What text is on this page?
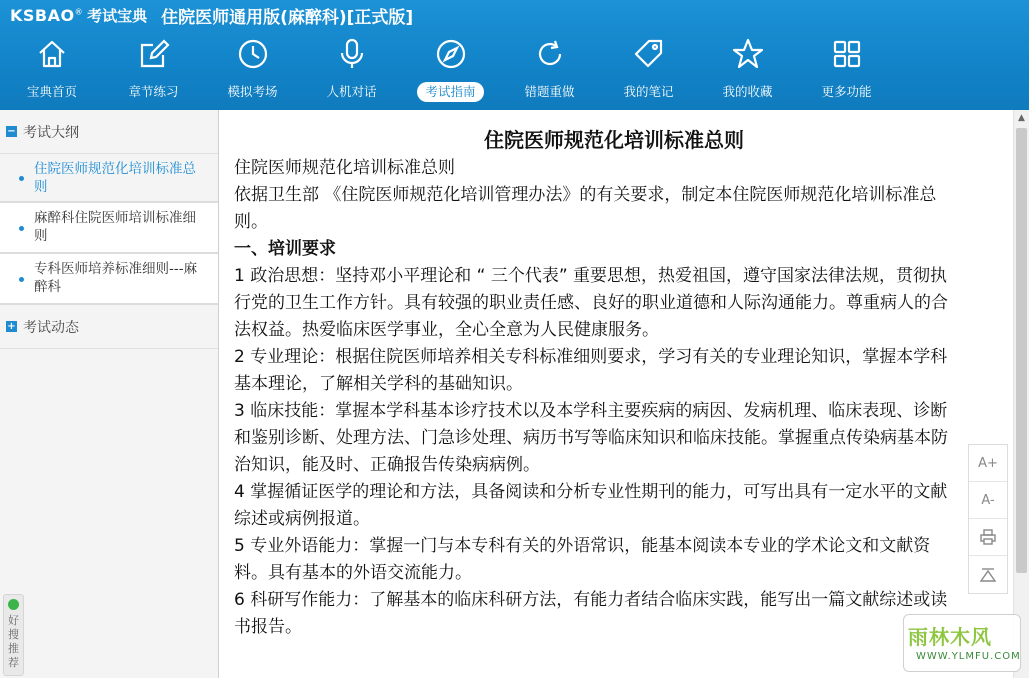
KSBAO® 考试宝典 住院医师通用版(麻醉科)[正式版]
宝典首页	章节练习	模拟考场	人机对话	考试指南	错题重做	我的笔记	我的收藏	更多功能
− 考试大纲
住院医师规范化培训标准总则
麻醉科住院医师培训标准细则
专科医师培养标准细则---麻醉科
+ 考试动态
好搜推荐
住院医师规范化培训标准总则
住院医师规范化培训标准总则
依据卫生部 《住院医师规范化培训管理办法》的有关要求，制定本住院医师规范化培训标准总则。
一、培训要求
1 政治思想：坚持邓小平理论和 “ 三个代表” 重要思想，热爱祖国，遵守国家法律法规，贯彻执行党的卫生工作方针。具有较强的职业责任感、良好的职业道德和人际沟通能力。尊重病人的合法权益。热爱临床医学事业，全心全意为人民健康服务。
2 专业理论：根据住院医师培养相关专科标准细则要求，学习有关的专业理论知识，掌握本学科基本理论，了解相关学科的基础知识。
3 临床技能：掌握本学科基本诊疗技术以及本学科主要疾病的病因、发病机理、临床表现、诊断和鉴别诊断、处理方法、门急诊处理、病历书写等临床知识和临床技能。掌握重点传染病基本防治知识，能及时、正确报告传染病病例。
4 掌握循证医学的理论和方法，具备阅读和分析专业性期刊的能力，可写出具有一定水平的文献综述或病例报道。
5 专业外语能力：掌握一门与本专科有关的外语常识，能基本阅读本专业的学术论文和文献资料。具有基本的外语交流能力。
6 科研写作能力：了解基本的临床科研方法，有能力者结合临床实践，能写出一篇文献综述或读书报告。
▲
A+
A-
雨林木风
WWW.YLMFU.COM
